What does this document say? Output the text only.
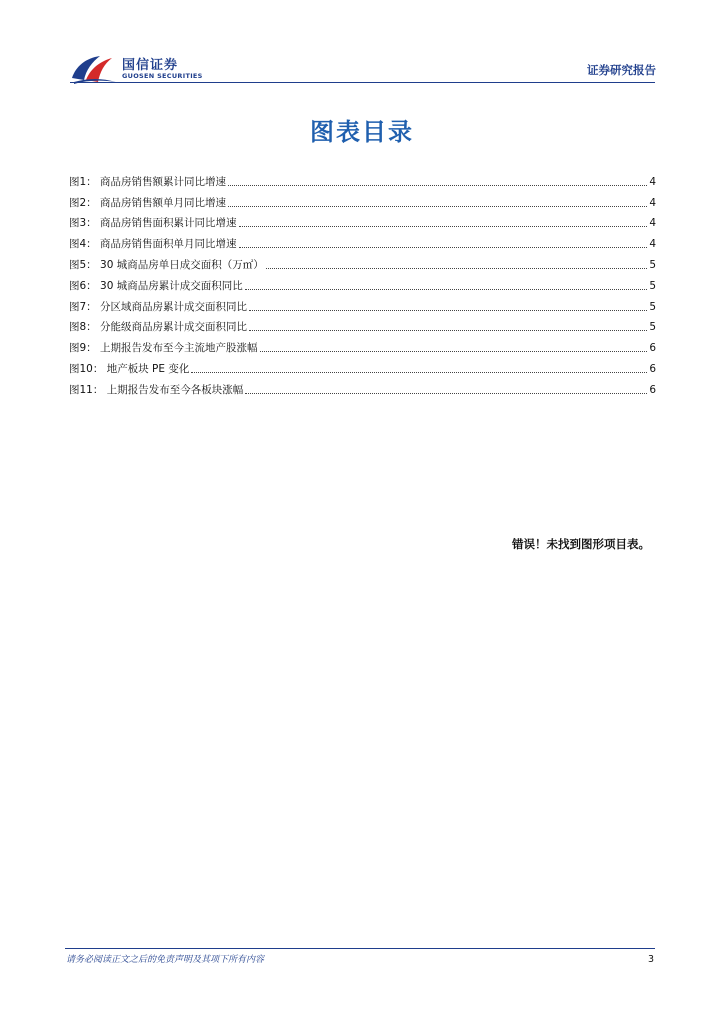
国信证券
GUOSEN SECURITIES	证券研究报告
图表目录
图1： 商品房销售额累计同比增速	4
图2： 商品房销售额单月同比增速	4
图3： 商品房销售面积累计同比增速	4
图4： 商品房销售面积单月同比增速	4
图5： 30 城商品房单日成交面积（万㎡）	5
图6： 30 城商品房累计成交面积同比	5
图7： 分区域商品房累计成交面积同比	5
图8： 分能级商品房累计成交面积同比	5
图9： 上期报告发布至今主流地产股涨幅	6
图10： 地产板块 PE 变化	6
图11： 上期报告发布至今各板块涨幅	6
错误！未找到图形项目表。
请务必阅读正文之后的免责声明及其项下所有内容	3
